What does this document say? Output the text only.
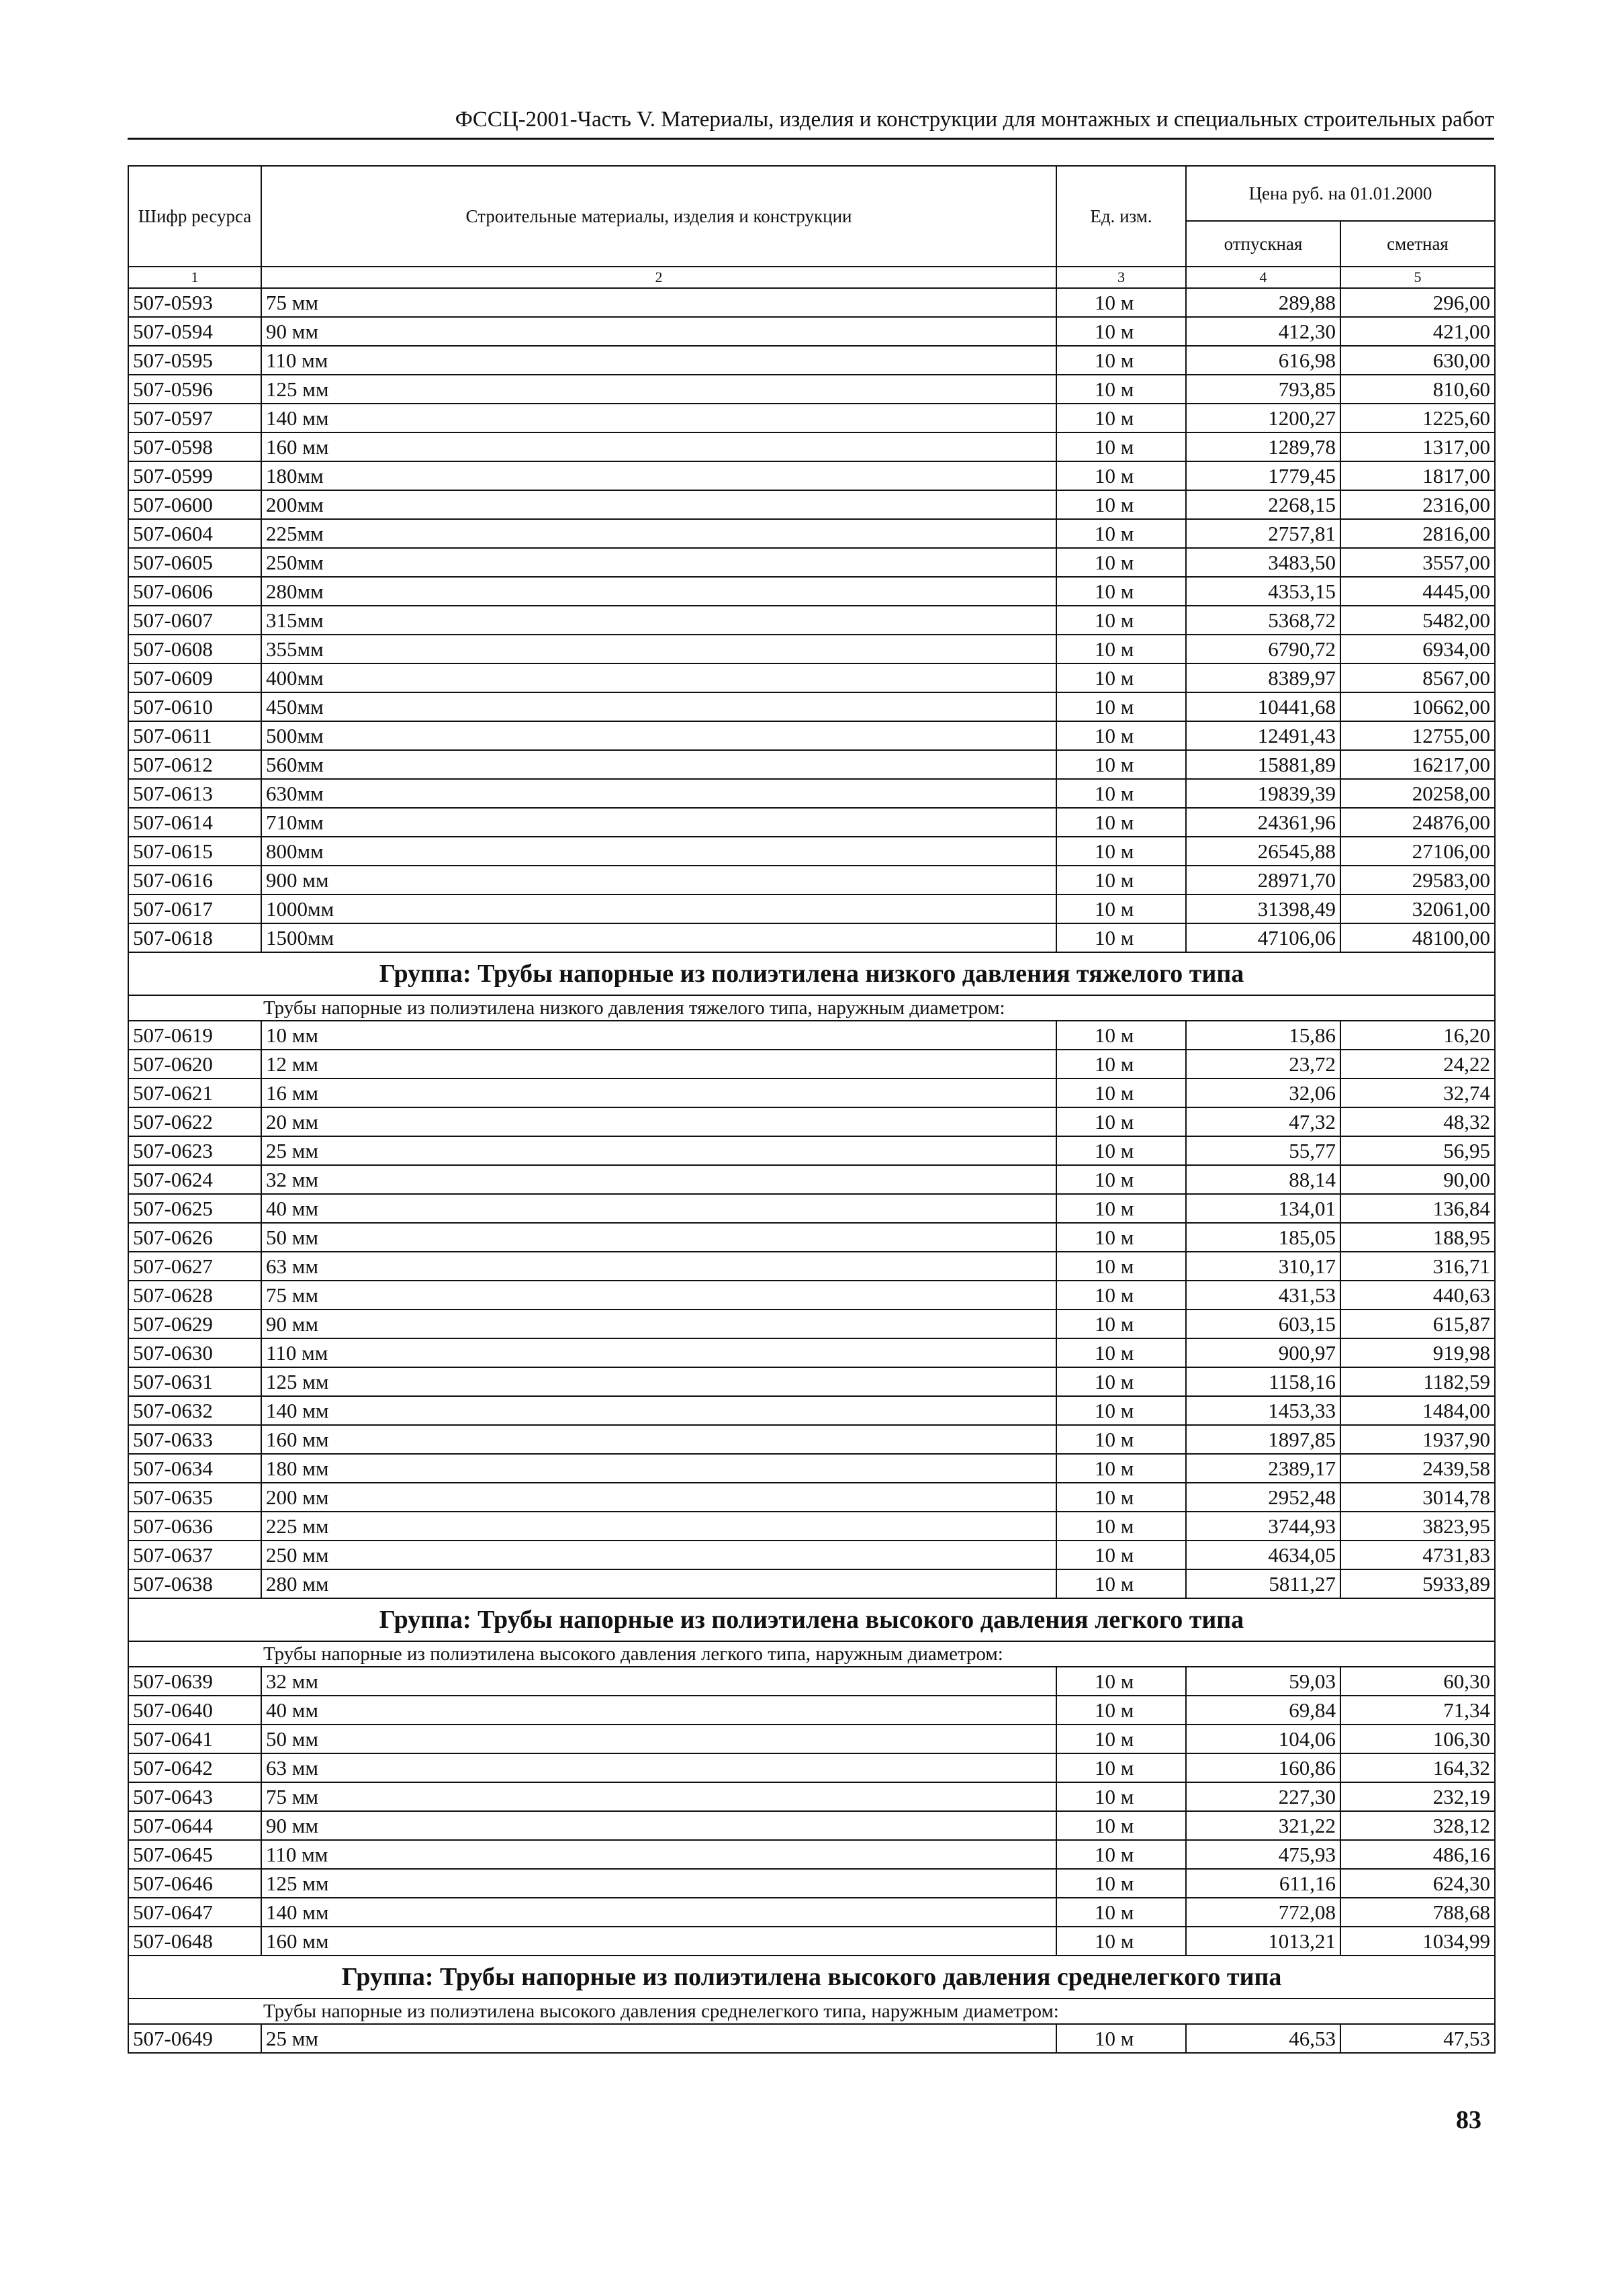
ФССЦ-2001-Часть V. Материалы, изделия и конструкции для монтажных и специальных строительных работ
Шифр ресурса	Строительные материалы, изделия и конструкции	Ед. изм.	Цена руб. на 01.01.2000	
			отпускная	сметная
1	2	3	4	5
507-0593	75 мм	10 м	289,88	296,00
507-0594	90 мм	10 м	412,30	421,00
507-0595	110 мм	10 м	616,98	630,00
507-0596	125 мм	10 м	793,85	810,60
507-0597	140 мм	10 м	1200,27	1225,60
507-0598	160 мм	10 м	1289,78	1317,00
507-0599	180мм	10 м	1779,45	1817,00
507-0600	200мм	10 м	2268,15	2316,00
507-0604	225мм	10 м	2757,81	2816,00
507-0605	250мм	10 м	3483,50	3557,00
507-0606	280мм	10 м	4353,15	4445,00
507-0607	315мм	10 м	5368,72	5482,00
507-0608	355мм	10 м	6790,72	6934,00
507-0609	400мм	10 м	8389,97	8567,00
507-0610	450мм	10 м	10441,68	10662,00
507-0611	500мм	10 м	12491,43	12755,00
507-0612	560мм	10 м	15881,89	16217,00
507-0613	630мм	10 м	19839,39	20258,00
507-0614	710мм	10 м	24361,96	24876,00
507-0615	800мм	10 м	26545,88	27106,00
507-0616	900 мм	10 м	28971,70	29583,00
507-0617	1000мм	10 м	31398,49	32061,00
507-0618	1500мм	10 м	47106,06	48100,00
Группа: Трубы напорные из полиэтилена низкого давления тяжелого типа				
Трубы напорные из полиэтилена низкого давления тяжелого типа, наружным диаметром:				
507-0619	10 мм	10 м	15,86	16,20
507-0620	12 мм	10 м	23,72	24,22
507-0621	16 мм	10 м	32,06	32,74
507-0622	20 мм	10 м	47,32	48,32
507-0623	25 мм	10 м	55,77	56,95
507-0624	32 мм	10 м	88,14	90,00
507-0625	40 мм	10 м	134,01	136,84
507-0626	50 мм	10 м	185,05	188,95
507-0627	63 мм	10 м	310,17	316,71
507-0628	75 мм	10 м	431,53	440,63
507-0629	90 мм	10 м	603,15	615,87
507-0630	110 мм	10 м	900,97	919,98
507-0631	125 мм	10 м	1158,16	1182,59
507-0632	140 мм	10 м	1453,33	1484,00
507-0633	160 мм	10 м	1897,85	1937,90
507-0634	180 мм	10 м	2389,17	2439,58
507-0635	200 мм	10 м	2952,48	3014,78
507-0636	225 мм	10 м	3744,93	3823,95
507-0637	250 мм	10 м	4634,05	4731,83
507-0638	280 мм	10 м	5811,27	5933,89
Группа: Трубы напорные из полиэтилена высокого давления легкого типа				
Трубы напорные из полиэтилена высокого давления легкого типа, наружным диаметром:				
507-0639	32 мм	10 м	59,03	60,30
507-0640	40 мм	10 м	69,84	71,34
507-0641	50 мм	10 м	104,06	106,30
507-0642	63 мм	10 м	160,86	164,32
507-0643	75 мм	10 м	227,30	232,19
507-0644	90 мм	10 м	321,22	328,12
507-0645	110 мм	10 м	475,93	486,16
507-0646	125 мм	10 м	611,16	624,30
507-0647	140 мм	10 м	772,08	788,68
507-0648	160 мм	10 м	1013,21	1034,99
Группа: Трубы напорные из полиэтилена высокого давления среднелегкого типа				
Трубы напорные из полиэтилена высокого давления среднелегкого типа, наружным диаметром:				
507-0649	25 мм	10 м	46,53	47,53
83
